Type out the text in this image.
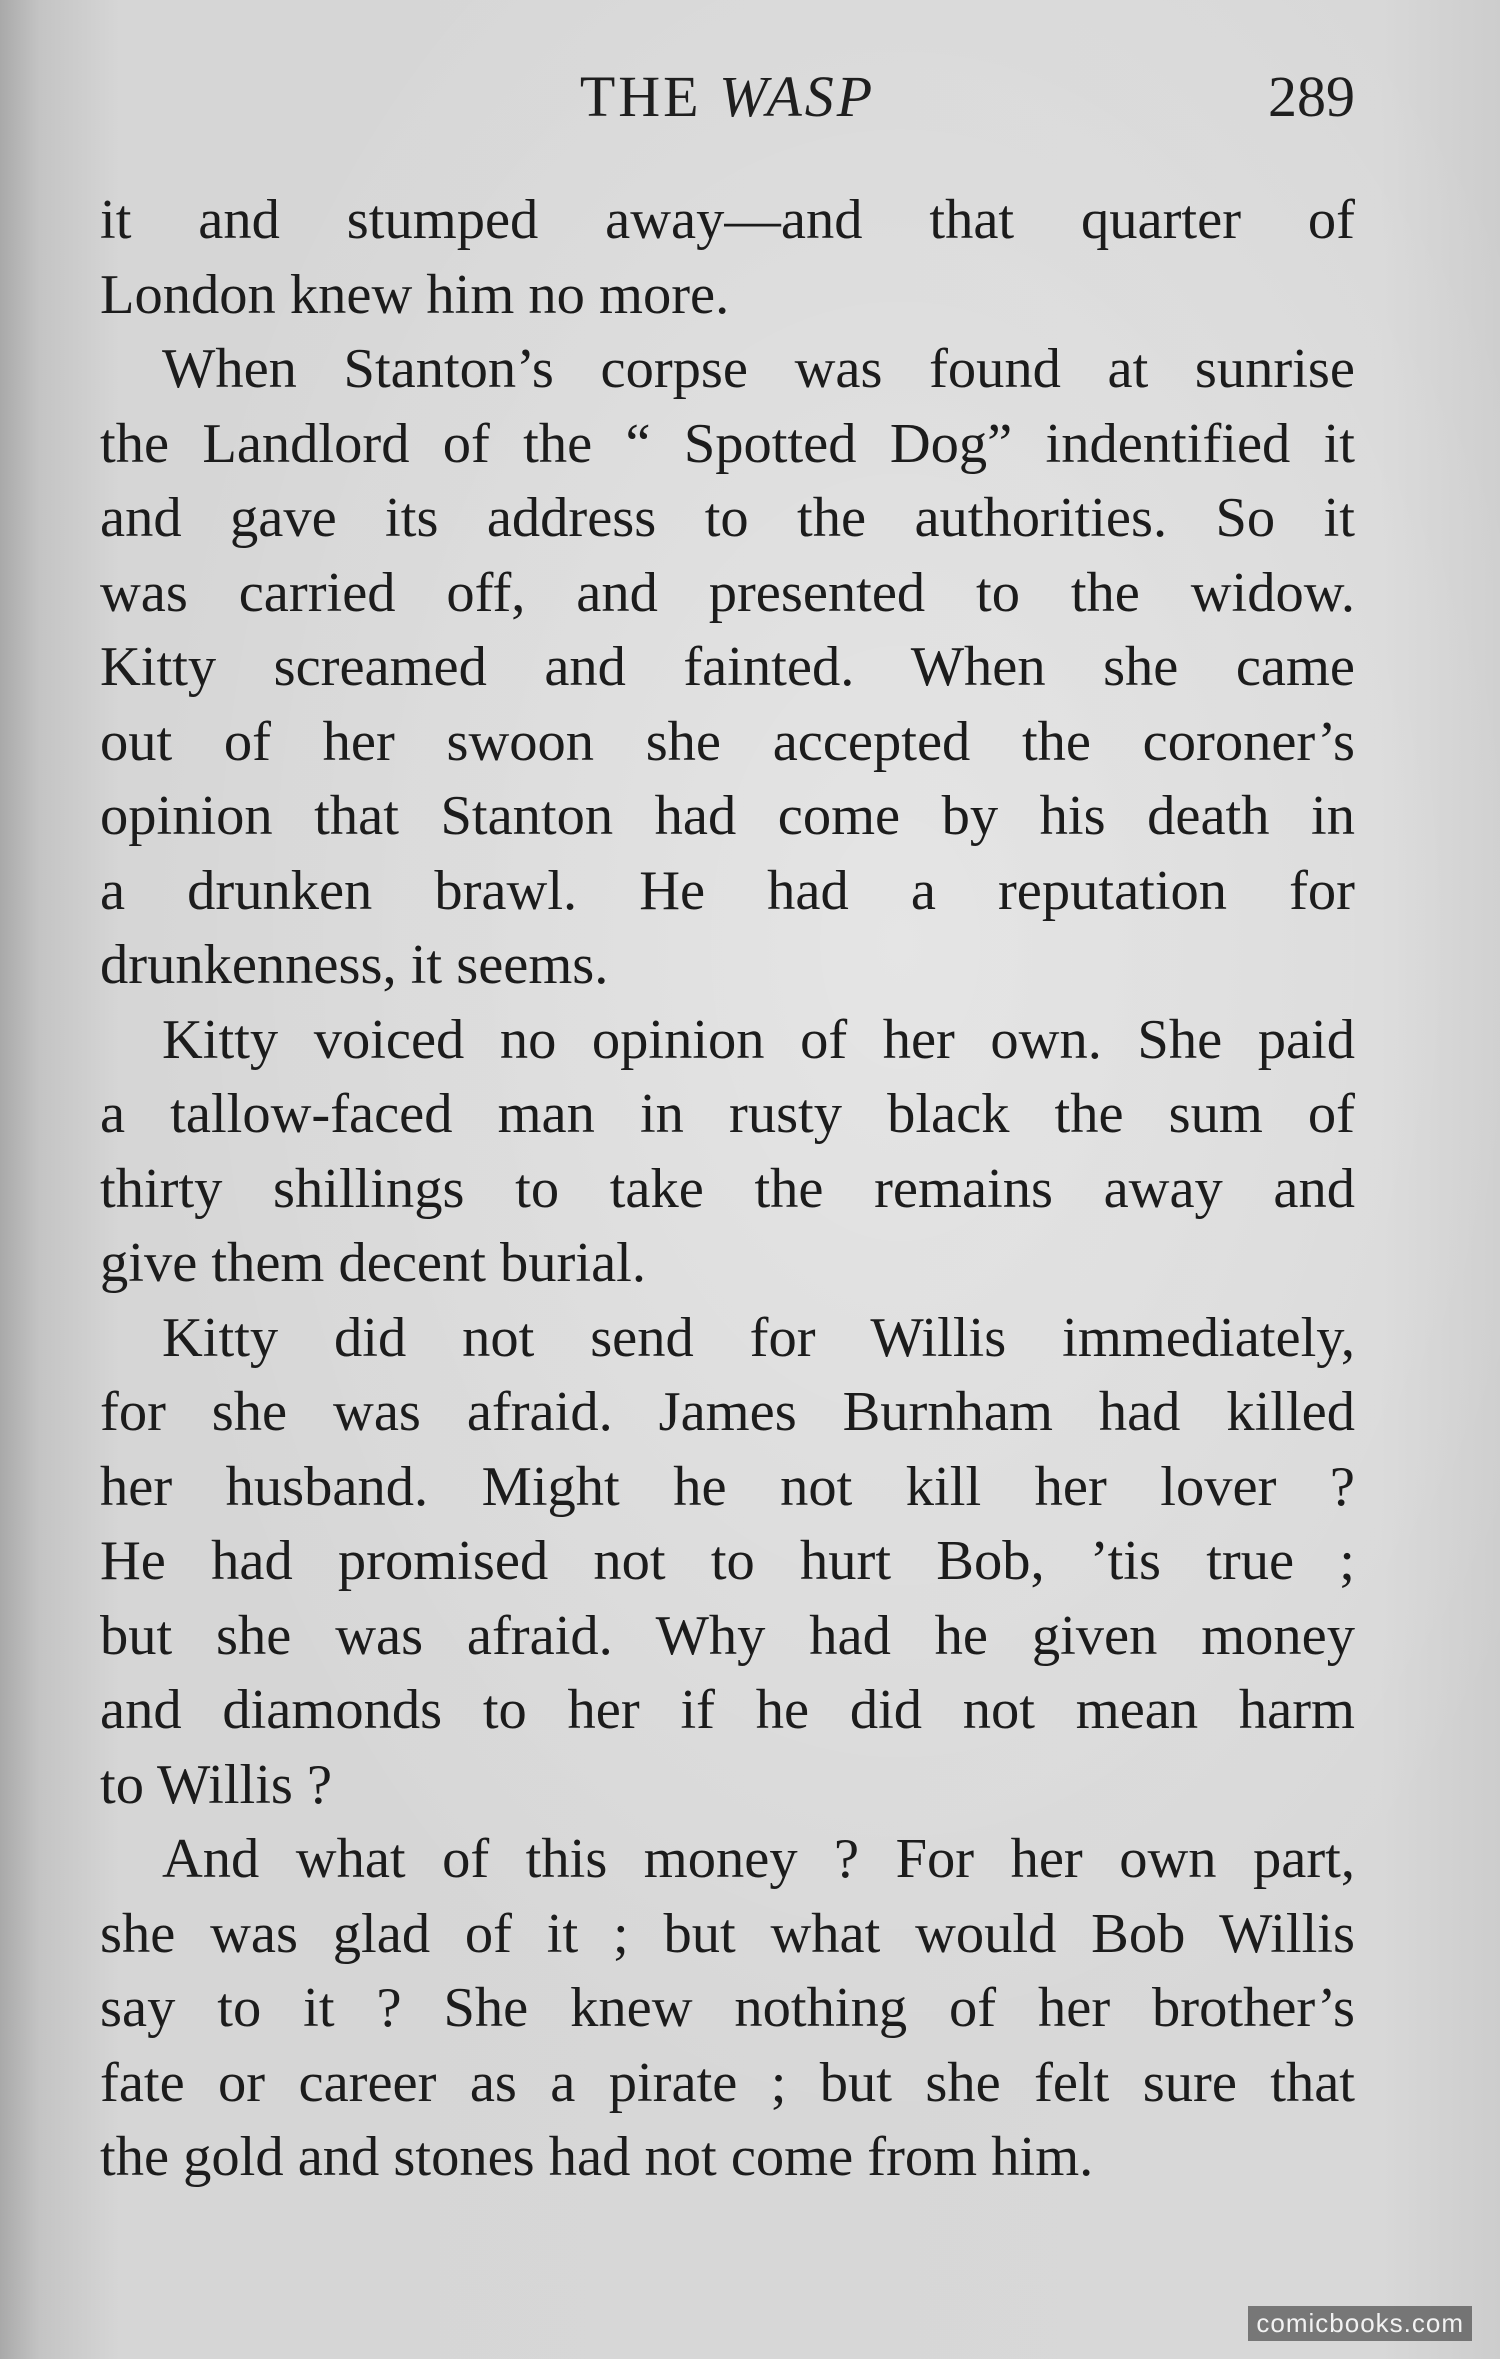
THE WASP	289
it and stumped away—and that quarter of
London knew him no more.
When Stanton’s corpse was found at sunrise
the Landlord of the “ Spotted Dog” indentified it
and gave its address to the authorities. So it
was carried off, and presented to the widow.
Kitty screamed and fainted. When she came
out of her swoon she accepted the coroner’s
opinion that Stanton had come by his death in
a drunken brawl. He had a reputation for
drunkenness, it seems.
Kitty voiced no opinion of her own. She paid
a tallow-faced man in rusty black the sum of
thirty shillings to take the remains away and
give them decent burial.
Kitty did not send for Willis immediately,
for she was afraid. James Burnham had killed
her husband. Might he not kill her lover ?
He had promised not to hurt Bob, ’tis true ;
but she was afraid. Why had he given money
and diamonds to her if he did not mean harm
to Willis ?
And what of this money ? For her own part,
she was glad of it ; but what would Bob Willis
say to it ? She knew nothing of her brother’s
fate or career as a pirate ; but she felt sure that
the gold and stones had not come from him.
comicbooks.com
